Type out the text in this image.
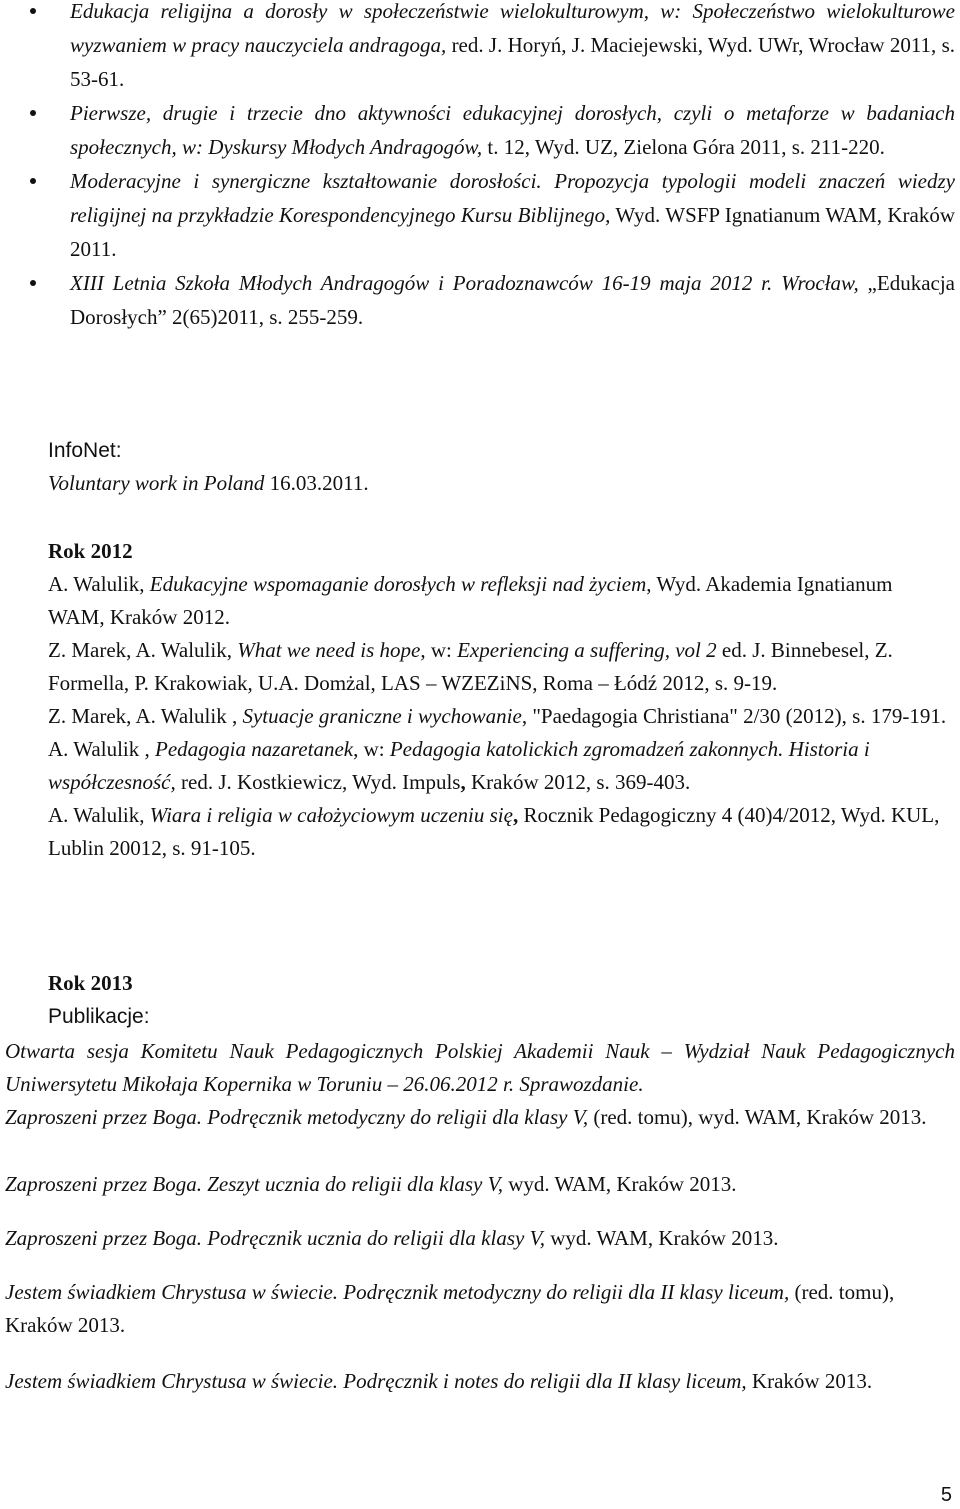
Edukacja religijna a dorosły w społeczeństwie wielokulturowym, w: Społeczeństwo wielokulturowe wyzwaniem w pracy nauczyciela andragoga, red. J. Horyń, J. Maciejewski, Wyd. UWr, Wrocław 2011, s. 53-61.
Pierwsze, drugie i trzecie dno aktywności edukacyjnej dorosłych, czyli o metaforze w badaniach społecznych, w: Dyskursy Młodych Andragogów, t. 12, Wyd. UZ, Zielona Góra 2011, s. 211-220.
Moderacyjne i synergiczne kształtowanie dorosłości. Propozycja typologii modeli znaczeń wiedzy religijnej na przykładzie Korespondencyjnego Kursu Biblijnego, Wyd. WSFP Ignatianum WAM, Kraków 2011.
XIII Letnia Szkoła Młodych Andragogów i Poradoznawców 16-19 maja 2012 r. Wrocław, „Edukacja Dorosłych” 2(65)2011, s. 255-259.
InfoNet:
Voluntary work in Poland 16.03.2011.
Rok 2012
A. Walulik, Edukacyjne wspomaganie dorosłych w refleksji nad życiem, Wyd. Akademia Ignatianum WAM, Kraków 2012.
Z. Marek, A. Walulik, What we need is hope, w: Experiencing a suffering, vol 2 ed. J. Binnebesel, Z. Formella, P. Krakowiak, U.A. Domżal, LAS – WZEZiNS, Roma – Łódź 2012, s. 9-19.
Z. Marek, A. Walulik , Sytuacje graniczne i wychowanie, "Paedagogia Christiana" 2/30 (2012), s. 179-191.
A. Walulik , Pedagogia nazaretanek, w: Pedagogia katolickich zgromadzeń zakonnych. Historia i współczesność, red. J. Kostkiewicz, Wyd. Impuls, Kraków 2012, s. 369-403.
A. Walulik, Wiara i religia w całożyciowym uczeniu się, Rocznik Pedagogiczny 4 (40)4/2012, Wyd. KUL, Lublin 20012, s. 91-105.
Rok 2013
Publikacje:
Otwarta sesja Komitetu Nauk Pedagogicznych Polskiej Akademii Nauk – Wydział Nauk Pedagogicznych Uniwersytetu Mikołaja Kopernika w Toruniu – 26.06.2012 r. Sprawozdanie.
Zaproszeni przez Boga. Podręcznik metodyczny do religii dla klasy V, (red. tomu), wyd. WAM, Kraków 2013.
Zaproszeni przez Boga. Zeszyt ucznia do religii dla klasy V, wyd. WAM, Kraków 2013.
Zaproszeni przez Boga. Podręcznik ucznia do religii dla klasy V, wyd. WAM, Kraków 2013.
Jestem świadkiem Chrystusa w świecie. Podręcznik metodyczny do religii dla II klasy liceum, (red. tomu), Kraków 2013.
Jestem świadkiem Chrystusa w świecie. Podręcznik i notes do religii dla II klasy liceum, Kraków 2013.
5
